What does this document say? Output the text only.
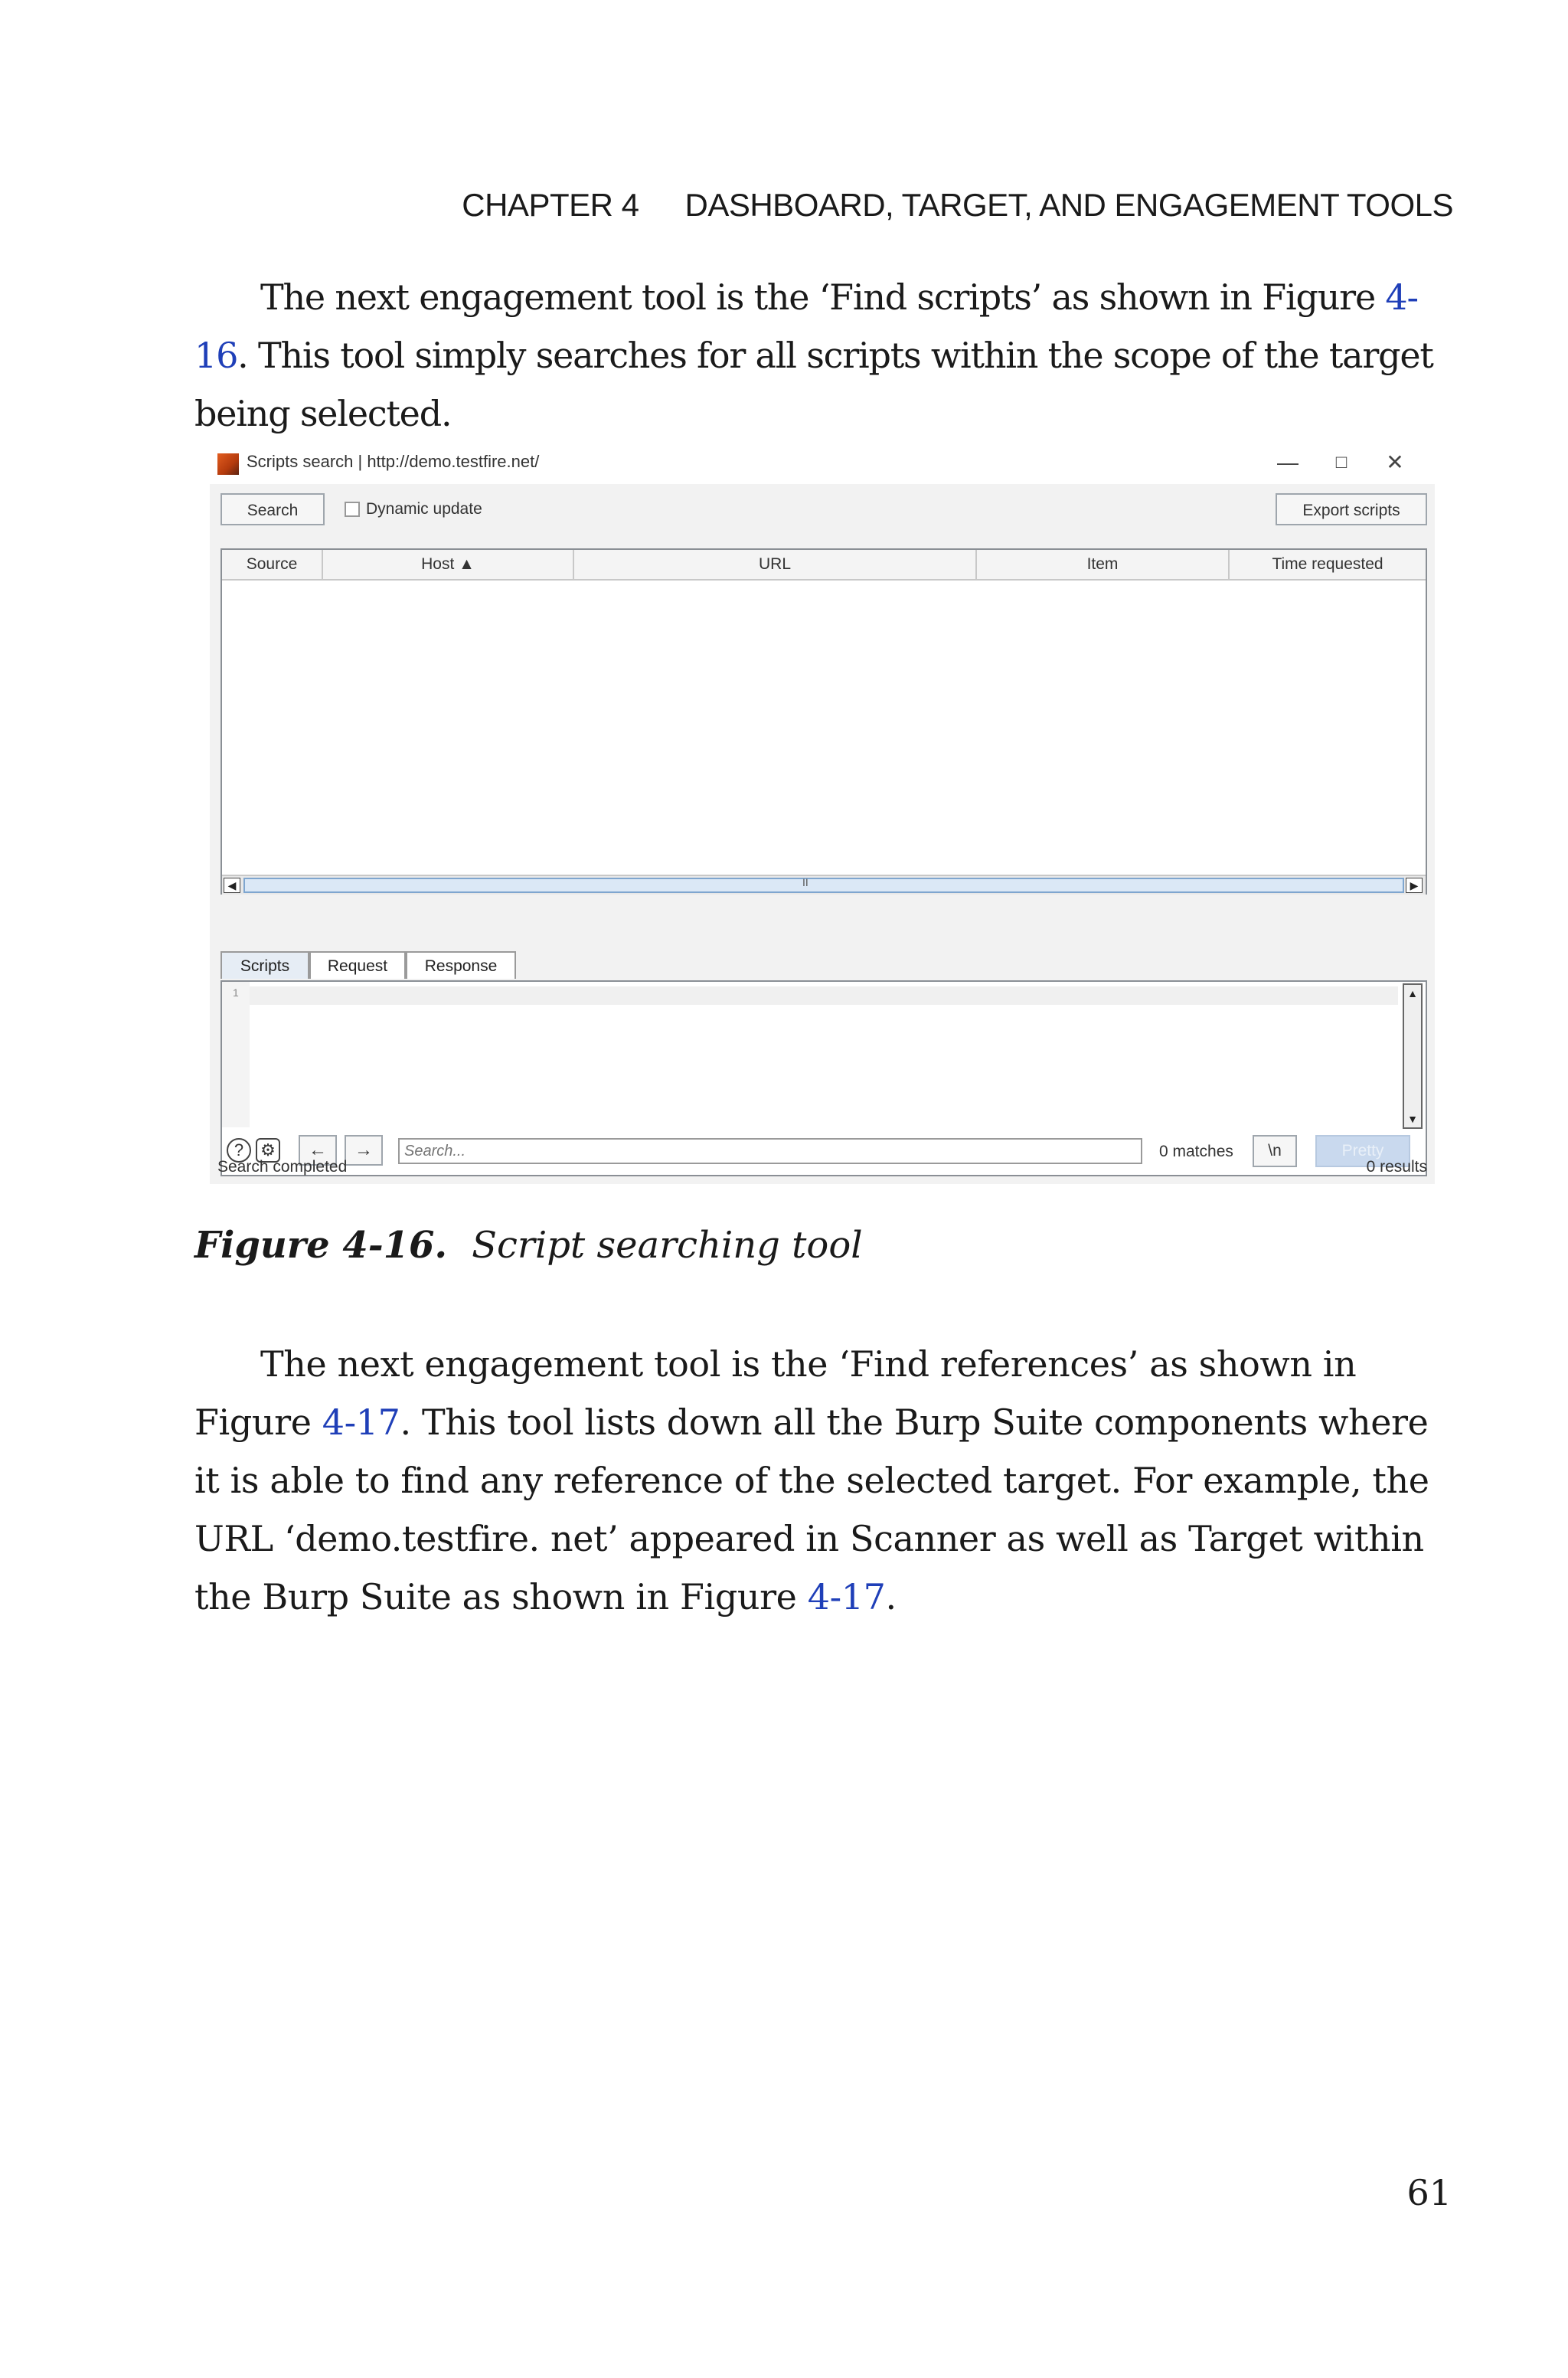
CHAPTER 4 DASHBOARD, TARGET, AND ENGAGEMENT TOOLS

The next engagement tool is the ‘Find scripts’ as shown in Figure 4-16. This tool simply searches for all scripts within the scope of the target being selected.

Scripts search | http://demo.testfire.net/	—	□	✕
Search	Dynamic update	Export scripts
Source	Host ▲	URL	Item	Time requested
◀	II	▶
Scripts	Request	Response
1	▲
▼
?	⚙	←	→
Search...	0 matches	\n	Pretty
Search completed	0 results
Figure 4-16. Script searching tool

The next engagement tool is the ‘Find references’ as shown in Figure 4-17. This tool lists down all the Burp Suite components where it is able to find any reference of the selected target. For example, the URL ‘demo.testfire. net’ appeared in Scanner as well as Target within the Burp Suite as shown in Figure 4-17.

61
